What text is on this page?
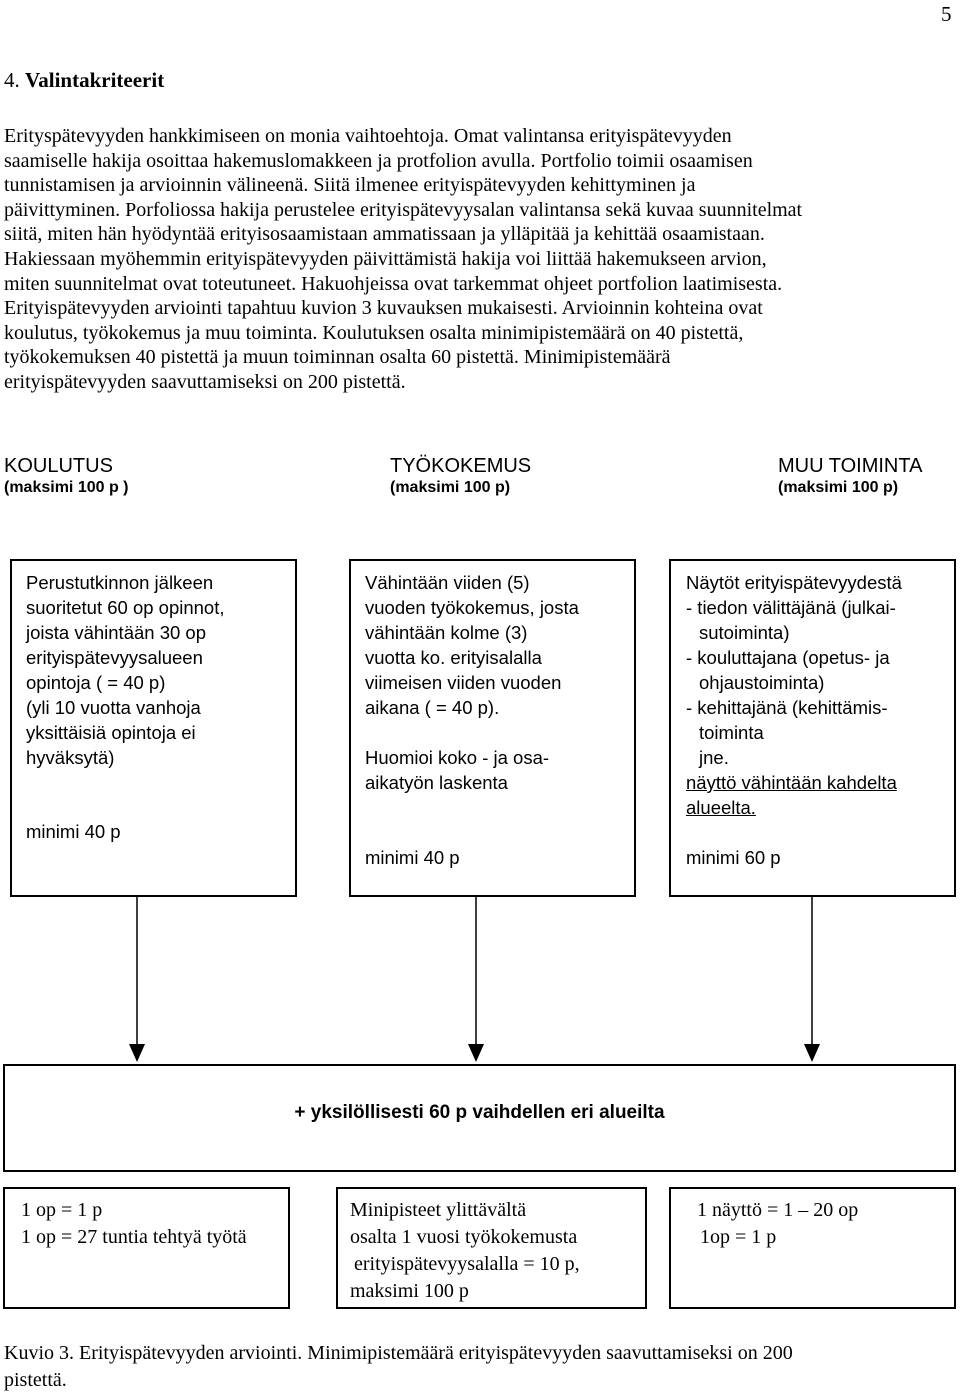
5
4. Valintakriteerit
Erityspätevyyden hankkimiseen on monia vaihtoehtoja. Omat valintansa erityispätevyyden
saamiselle hakija osoittaa hakemuslomakkeen ja protfolion avulla. Portfolio toimii osaamisen
tunnistamisen ja arvioinnin välineenä. Siitä ilmenee erityispätevyyden kehittyminen ja
päivittyminen. Porfoliossa hakija perustelee erityispätevyysalan valintansa sekä kuvaa suunnitelmat
siitä, miten hän hyödyntää erityisosaamistaan ammatissaan ja ylläpitää ja kehittää osaamistaan.
Hakiessaan myöhemmin erityispätevyyden päivittämistä hakija voi liittää hakemukseen arvion,
miten suunnitelmat ovat toteutuneet. Hakuohjeissa ovat tarkemmat ohjeet portfolion laatimisesta.
Erityispätevyyden arviointi tapahtuu kuvion 3 kuvauksen mukaisesti. Arvioinnin kohteina ovat
koulutus, työkokemus ja muu toiminta. Koulutuksen osalta minimipistemäärä on 40 pistettä,
työkokemuksen 40 pistettä ja muun toiminnan osalta 60 pistettä. Minimipistemäärä
erityispätevyyden saavuttamiseksi on 200 pistettä.
KOULUTUS
(maksimi 100 p )
TYÖKOKEMUS
(maksimi 100 p)
MUU TOIMINTA
(maksimi 100 p)
Perustutkinnon jälkeen
suoritetut 60 op opinnot,
joista vähintään 30 op
erityispätevyysalueen
opintoja ( = 40 p)
(yli 10 vuotta vanhoja
yksittäisiä opintoja ei
hyväksytä)
minimi 40 p
Vähintään viiden (5)
vuoden työkokemus, josta
vähintään kolme (3)
vuotta ko. erityisalalla
viimeisen viiden vuoden
aikana ( = 40 p).
Huomioi koko - ja osa-
aikatyön laskenta
minimi 40 p
Näytöt erityispätevyydestä
- tiedon välittäjänä (julkai-
sutoiminta)
- kouluttajana (opetus- ja
ohjaustoiminta)
- kehittajänä (kehittämis-
toiminta
jne.
näyttö vähintään kahdelta
alueelta.
minimi 60 p
+ yksilöllisesti 60 p vaihdellen eri alueilta
1 op = 1 p
1 op = 27 tuntia tehtyä työtä
Minipisteet ylittävältä
osalta 1 vuosi työkokemusta
erityispätevyysalalla = 10 p,
maksimi 100 p
1 näyttö = 1 – 20 op
1op = 1 p
Kuvio 3. Erityispätevyyden arviointi. Minimipistemäärä erityispätevyyden saavuttamiseksi on 200
pistettä.
